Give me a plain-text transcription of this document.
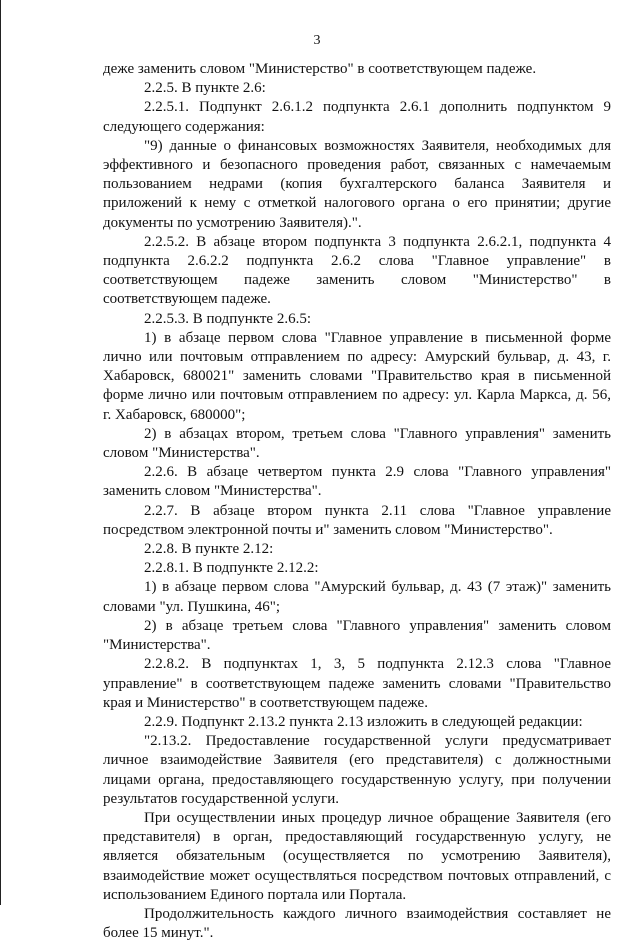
3

деже заменить словом "Министерство" в соответствующем падеже.

2.2.5. В пункте 2.6:

2.2.5.1. Подпункт 2.6.1.2 подпункта 2.6.1 дополнить подпунктом 9 следующего содержания:

"9) данные о финансовых возможностях Заявителя, необходимых для эффективного и безопасного проведения работ, связанных с намечаемым пользованием недрами (копия бухгалтерского баланса Заявителя и приложений к нему с отметкой налогового органа о его принятии; другие документы по усмотрению Заявителя).".

2.2.5.2. В абзаце втором подпункта 3 подпункта 2.6.2.1, подпункта 4 подпункта 2.6.2.2 подпункта 2.6.2 слова "Главное управление" в соответствующем падеже заменить словом "Министерство" в соответствующем падеже.

2.2.5.3. В подпункте 2.6.5:

1) в абзаце первом слова "Главное управление в письменной форме лично или почтовым отправлением по адресу: Амурский бульвар, д. 43, г. Хабаровск, 680021" заменить словами "Правительство края в письменной форме лично или почтовым отправлением по адресу: ул. Карла Маркса, д. 56, г. Хабаровск, 680000";

2) в абзацах втором, третьем слова "Главного управления" заменить словом "Министерства".

2.2.6. В абзаце четвертом пункта 2.9 слова "Главного управления" заменить словом "Министерства".

2.2.7. В абзаце втором пункта 2.11 слова "Главное управление посредством электронной почты и" заменить словом "Министерство".

2.2.8. В пункте 2.12:

2.2.8.1. В подпункте 2.12.2:

1) в абзаце первом слова "Амурский бульвар, д. 43 (7 этаж)" заменить словами "ул. Пушкина, 46";

2) в абзаце третьем слова "Главного управления" заменить словом "Министерства".

2.2.8.2. В подпунктах 1, 3, 5 подпункта 2.12.3 слова "Главное управление" в соответствующем падеже заменить словами "Правительство края и Министерство" в соответствующем падеже.

2.2.9. Подпункт 2.13.2 пункта 2.13 изложить в следующей редакции:

"2.13.2. Предоставление государственной услуги предусматривает личное взаимодействие Заявителя (его представителя) с должностными лицами органа, предоставляющего государственную услугу, при получении результатов государственной услуги.

При осуществлении иных процедур личное обращение Заявителя (его представителя) в орган, предоставляющий государственную услугу, не является обязательным (осуществляется по усмотрению Заявителя), взаимодействие может осуществляться посредством почтовых отправлений, с использованием Единого портала или Портала.

Продолжительность каждого личного взаимодействия составляет не более 15 минут.".
